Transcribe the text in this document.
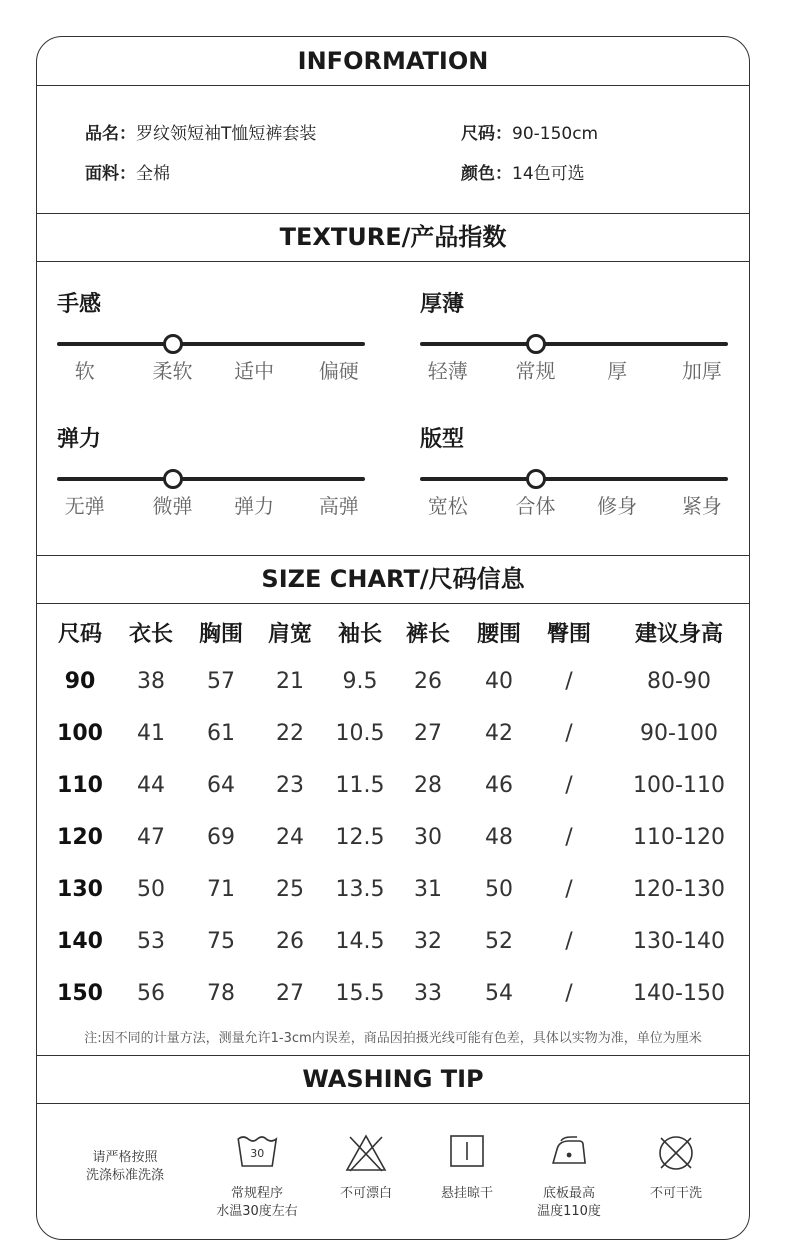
INFORMATION
品名：罗纹领短袖T恤短裤套装	尺码：90-150cm
面料：全棉	颜色：14色可选
TEXTURE/产品指数
SIZE CHART/尺码信息
注:因不同的计量方法，测量允许1-3cm内误差，商品因拍摄光线可能有色差，具体以实物为准，单位为厘米
WASHING TIP
请严格按照
洗涤标准洗涤
手感
软	柔软 适中 偏硬
厚薄
轻薄 常规	厚	加厚
弹力
无弹 微弹 弹力 高弹
版型
宽松 合体 修身 紧身
尺码 衣长 胸围 肩宽 袖长 裤长 腰围 臀围 建议身高
90 38 57 21 9.5 26 40 /	80-90
100 41 61 22 10.5 27 42 /	90-100
110 44 64 23 11.5 28 46 /	100-110
120 47 69 24 12.5 30 48 /	110-120
130 50 71 25 13.5 31 50 /	120-130
140 53 75 26 14.5 32 52 /	130-140
150 56 78 27 15.5 33 54 /	140-150
30
常规程序
水温30度左右
不可漂白	悬挂晾干	底板最高
温度110度
不可干洗
